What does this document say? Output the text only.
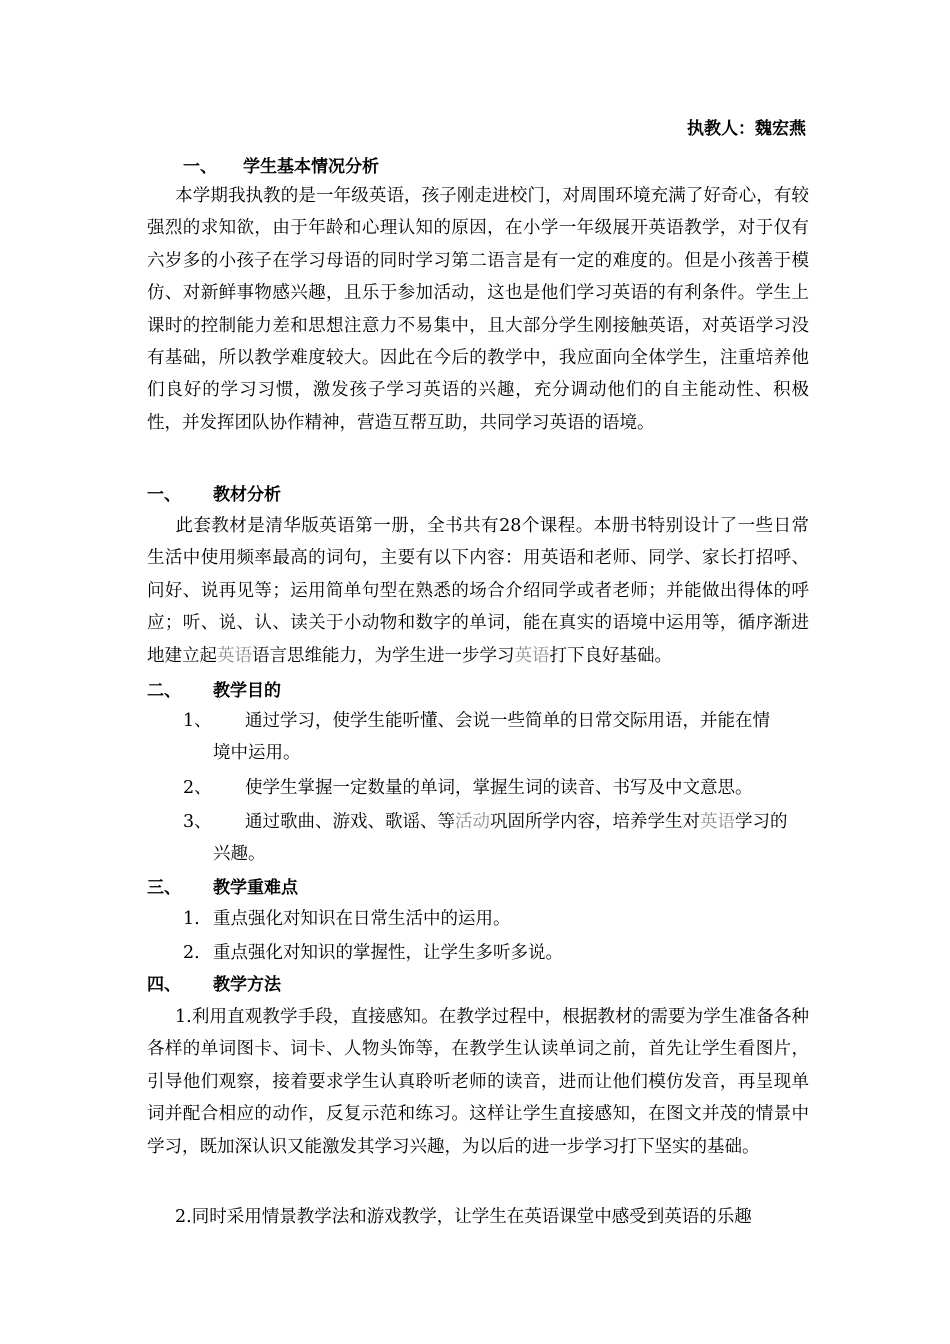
执教人：魏宏燕
一、 学生基本情况分析

本学期我执教的是一年级英语，孩子刚走进校门，对周围环境充满了好奇心，有较强烈的求知欲，由于年龄和心理认知的原因，在小学一年级展开英语教学，对于仅有六岁多的小孩子在学习母语的同时学习第二语言是有一定的难度的。但是小孩善于模仿、对新鲜事物感兴趣，且乐于参加活动，这也是他们学习英语的有利条件。学生上课时的控制能力差和思想注意力不易集中，且大部分学生刚接触英语，对英语学习没有基础，所以教学难度较大。因此在今后的教学中，我应面向全体学生，注重培养他们良好的学习习惯，激发孩子学习英语的兴趣，充分调动他们的自主能动性、积极性，并发挥团队协作精神，营造互帮互助，共同学习英语的语境。

一、 教材分析

此套教材是清华版英语第一册，全书共有28个课程。本册书特别设计了一些日常生活中使用频率最高的词句，主要有以下内容：用英语和老师、同学、家长打招呼、问好、说再见等；运用简单句型在熟悉的场合介绍同学或者老师；并能做出得体的呼应；听、说、认、读关于小动物和数字的单词，能在真实的语境中运用等，循序渐进地建立起英语语言思维能力，为学生进一步学习英语打下良好基础。

二、 教学目的
1、 通过学习，使学生能听懂、会说一些简单的日常交际用语，并能在情
境中运用。
2、 使学生掌握一定数量的单词，掌握生词的读音、书写及中文意思。
3、 通过歌曲、游戏、歌谣、等活动巩固所学内容，培养学生对英语学习的
兴趣。
三、 教学重难点
1. 重点强化对知识在日常生活中的运用。
2. 重点强化对知识的掌握性，让学生多听多说。
四、 教学方法

1.利用直观教学手段，直接感知。在教学过程中，根据教材的需要为学生准备各种各样的单词图卡、词卡、人物头饰等，在教学生认读单词之前，首先让学生看图片，引导他们观察，接着要求学生认真聆听老师的读音，进而让他们模仿发音，再呈现单词并配合相应的动作，反复示范和练习。这样让学生直接感知，在图文并茂的情景中学习，既加深认识又能激发其学习兴趣，为以后的进一步学习打下坚实的基础。

2.同时采用情景教学法和游戏教学，让学生在英语课堂中感受到英语的乐趣
